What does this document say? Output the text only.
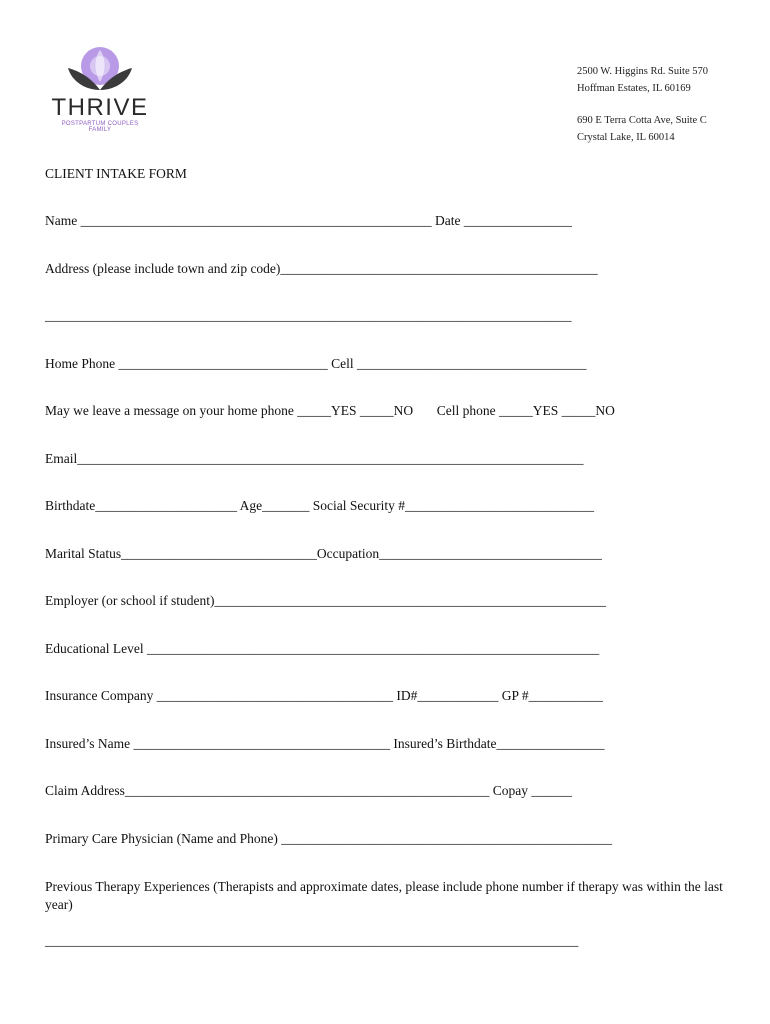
THRIVE
POSTPARTUM COUPLES FAMILY
2500 W. Higgins Rd. Suite 570
Hoffman Estates, IL 60169
690 E Terra Cotta Ave, Suite C
Crystal Lake, IL 60014
CLIENT INTAKE FORM
Name ____________________________________________________ Date ________________
Address (please include town and zip code)_______________________________________________
______________________________________________________________________________
Home Phone _______________________________ Cell __________________________________
May we leave a message on your home phone _____YES _____NO       Cell phone _____YES _____NO
Email___________________________________________________________________________
Birthdate_____________________ Age_______ Social Security #____________________________
Marital Status_____________________________Occupation_________________________________
Employer (or school if student)__________________________________________________________
Educational Level ___________________________________________________________________
Insurance Company ___________________________________ ID#____________ GP #___________
Insured’s Name ______________________________________ Insured’s Birthdate________________
Claim Address______________________________________________________ Copay ______
Primary Care Physician (Name and Phone) _________________________________________________
Previous Therapy Experiences (Therapists and approximate dates, please include phone number if therapy was within the last year)
_______________________________________________________________________________
